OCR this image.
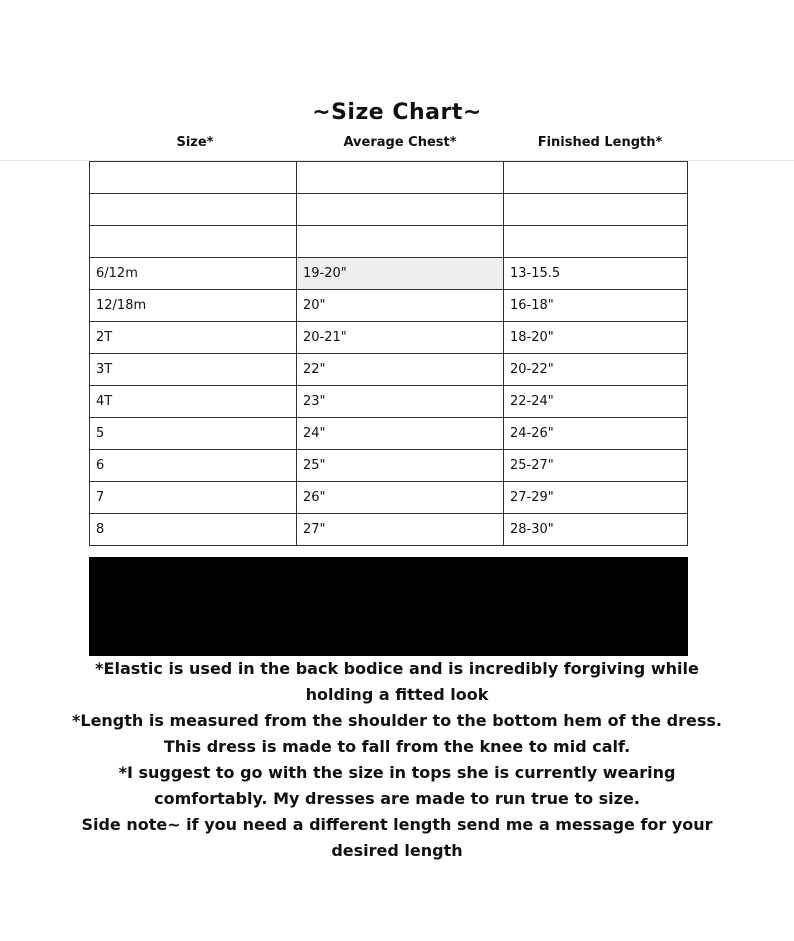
~Size Chart~
Size*	Average Chest*	Finished Length*

6/12m	19-20"	13-15.5
12/18m	20"	16-18"
2T	20-21"	18-20"
3T	22"	20-22"
4T	23"	22-24"
5	24"	24-26"
6	25"	25-27"
7	26"	27-29"
8	27"	28-30"

*Elastic is used in the back bodice and is incredibly forgiving while

holding a fitted look

*Length is measured from the shoulder to the bottom hem of the dress.

This dress is made to fall from the knee to mid calf.

*I suggest to go with the size in tops she is currently wearing

comfortably. My dresses are made to run true to size.

Side note~ if you need a different length send me a message for your

desired length
